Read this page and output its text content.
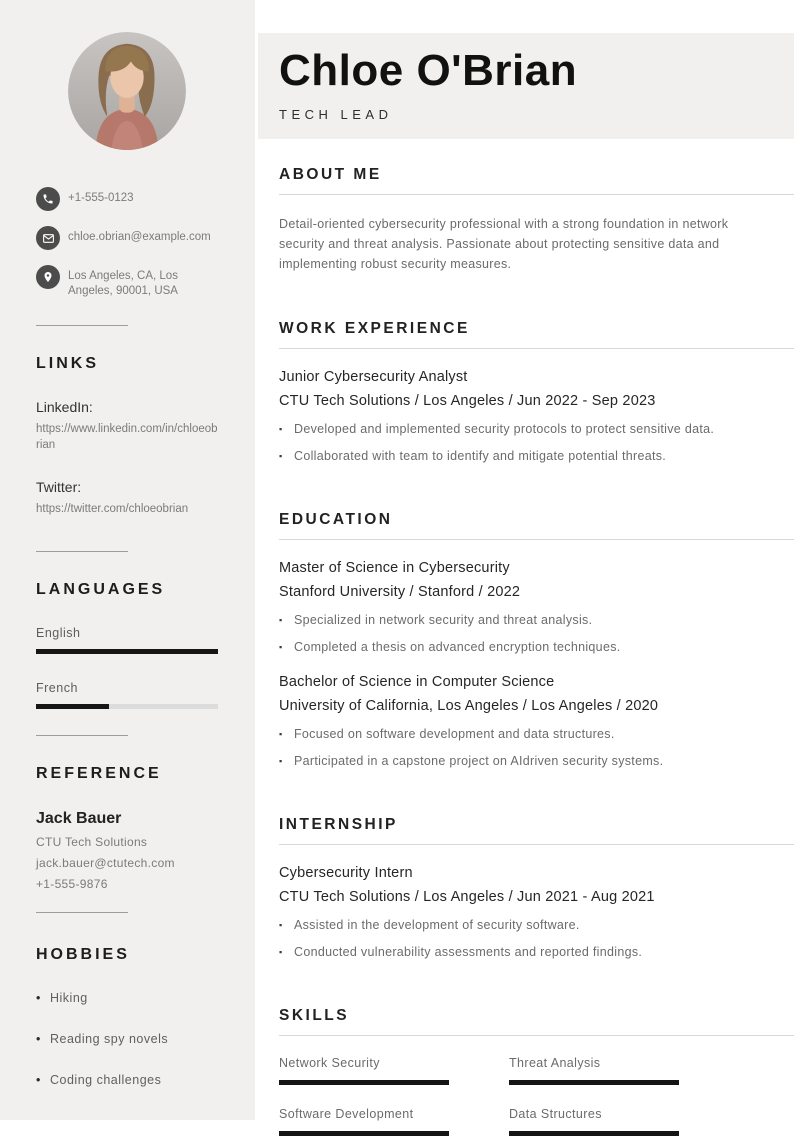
+1-555-0123
chloe.obrian@example.com
Los Angeles, CA, Los Angeles, 90001, USA
LINKS
LinkedIn:
https://www.linkedin.com/in/chloeobrian
Twitter:
https://twitter.com/chloeobrian
LANGUAGES
English
French
REFERENCE
Jack Bauer
CTU Tech Solutions
jack.bauer@ctutech.com
+1-555-9876
HOBBIES
• Hiking
• Reading spy novels
• Coding challenges
Chloe O'Brian
TECH LEAD
ABOUT ME

Detail-oriented cybersecurity professional with a strong foundation in network security and threat analysis. Passionate about protecting sensitive data and implementing robust security measures.

WORK EXPERIENCE
Junior Cybersecurity Analyst
CTU Tech Solutions / Los Angeles / Jun 2022 - Sep 2023
▪ Developed and implemented security protocols to protect sensitive data.
▪ Collaborated with team to identify and mitigate potential threats.
EDUCATION
Master of Science in Cybersecurity
Stanford University / Stanford / 2022
▪ Specialized in network security and threat analysis.
▪ Completed a thesis on advanced encryption techniques.
Bachelor of Science in Computer Science
University of California, Los Angeles / Los Angeles / 2020
▪ Focused on software development and data structures.
▪ Participated in a capstone project on AIdriven security systems.
INTERNSHIP
Cybersecurity Intern
CTU Tech Solutions / Los Angeles / Jun 2021 - Aug 2021
▪ Assisted in the development of security software.
▪ Conducted vulnerability assessments and reported findings.
SKILLS
Network Security	Threat Analysis
Software Development	Data Structures
